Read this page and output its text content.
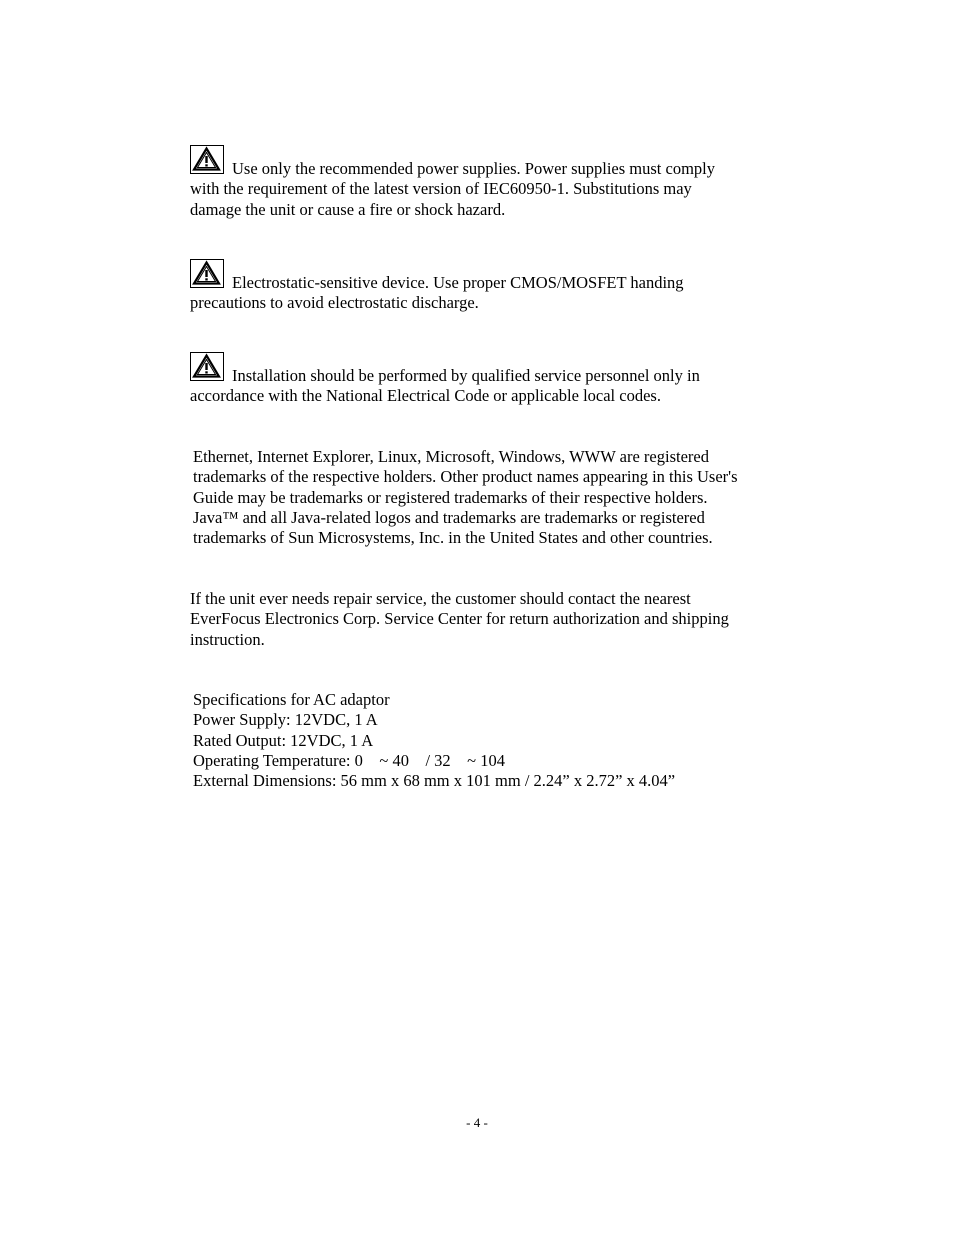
Use only the recommended power supplies. Power supplies must comply
with the requirement of the latest version of IEC60950-1. Substitutions may
damage the unit or cause a fire or shock hazard.
Electrostatic-sensitive device. Use proper CMOS/MOSFET handing
precautions to avoid electrostatic discharge.
Installation should be performed by qualified service personnel only in
accordance with the National Electrical Code or applicable local codes.
Ethernet, Internet Explorer, Linux, Microsoft, Windows, WWW are registered
trademarks of the respective holders. Other product names appearing in this User's
Guide may be trademarks or registered trademarks of their respective holders.
Java™ and all Java-related logos and trademarks are trademarks or registered
trademarks of Sun Microsystems, Inc. in the United States and other countries.
If the unit ever needs repair service, the customer should contact the nearest
EverFocus Electronics Corp. Service Center for return authorization and shipping
instruction.
Specifications for AC adaptor
Power Supply: 12VDC, 1 A
Rated Output: 12VDC, 1 A
Operating Temperature: 0    ~ 40    / 32    ~ 104
External Dimensions: 56 mm x 68 mm x 101 mm / 2.24” x 2.72” x 4.04”
- 4 -
